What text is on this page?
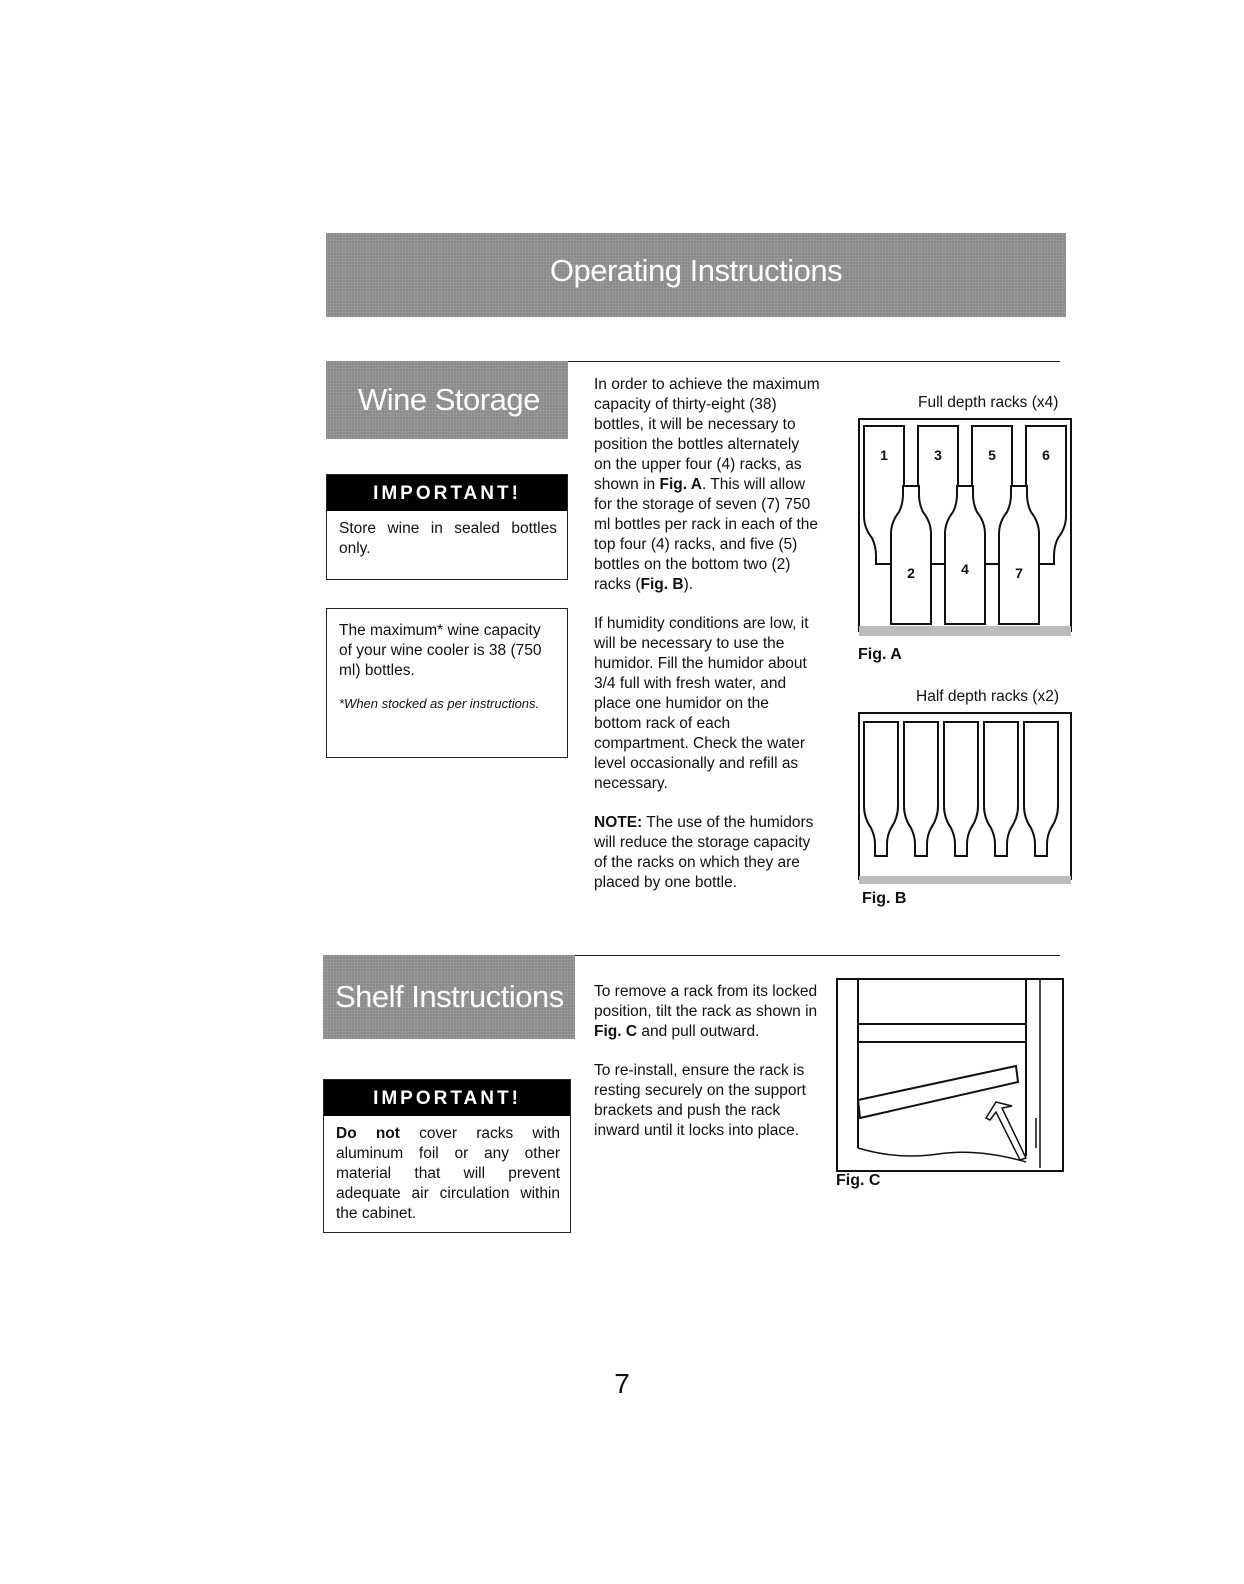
Operating Instructions
Wine Storage
IMPORTANT!
Store wine in sealed bottles only.
The maximum* wine capacity of your wine cooler is 38 (750 ml) bottles.
*When stocked as per instructions.

In order to achieve the maximum capacity of thirty-eight (38) bottles, it will be necessary to position the bottles alternately on the upper four (4) racks, as shown in Fig. A. This will allow for the storage of seven (7) 750 ml bottles per rack in each of the top four (4) racks, and five (5) bottles on the bottom two (2) racks (Fig. B).

If humidity conditions are low, it will be necessary to use the humidor. Fill the humidor about 3/4 full with fresh water, and place one humidor on the bottom rack of each compartment. Check the water level occasionally and refill as necessary.

NOTE: The use of the humidors will reduce the storage capacity of the racks on which they are placed by one bottle.

Full depth racks (x4)
1
2
3
4
5	6
7
Fig. A
Half depth racks (x2)
Fig. B
Shelf Instructions
IMPORTANT!
Do not cover racks with aluminum foil or any other material that will prevent adequate air circulation within the cabinet.

To remove a rack from its locked position, tilt the rack as shown in Fig. C and pull outward.

To re-install, ensure the rack is resting securely on the support brackets and push the rack inward until it locks into place.

Fig. C
7
